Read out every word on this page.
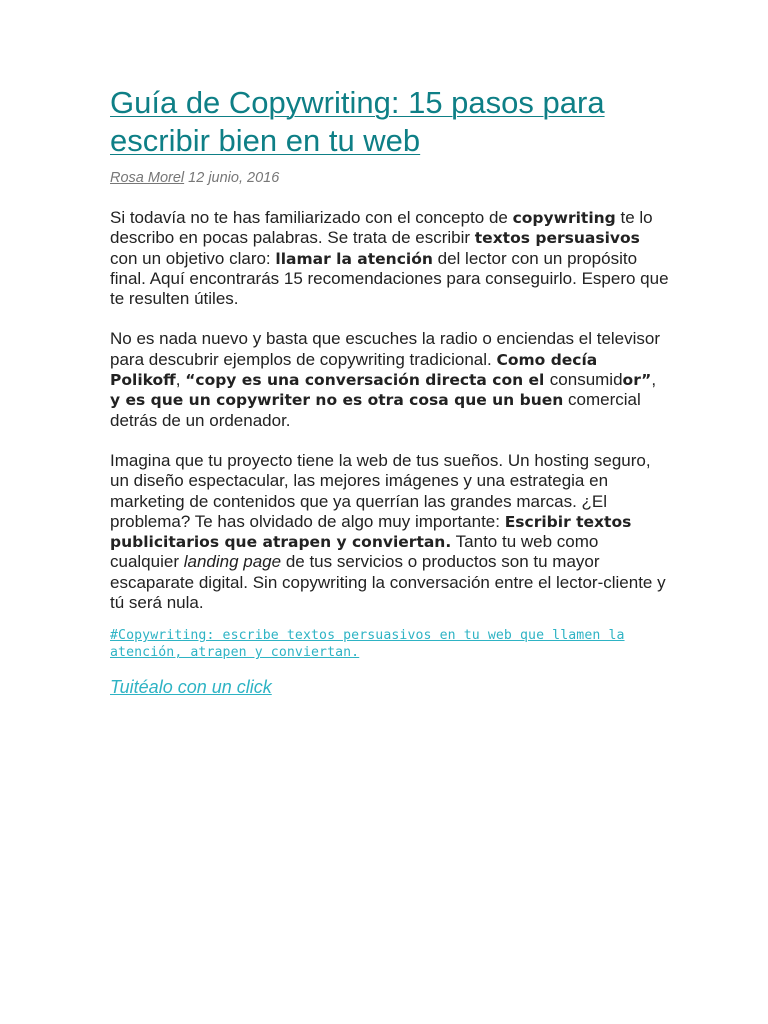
Guía de Copywriting: 15 pasos para escribir bien en tu web
Rosa Morel 12 junio, 2016

Si todavía no te has familiarizado con el concepto de copywriting te lo describo en pocas palabras. Se trata de escribir textos persuasivos con un objetivo claro: llamar la atención del lector con un propósito final. Aquí encontrarás 15 recomendaciones para conseguirlo. Espero que te resulten útiles.

No es nada nuevo y basta que escuches la radio o enciendas el televisor para descubrir ejemplos de copywriting tradicional. Como decía Polikoff, “copy es una conversación directa con el consumidor”, y es que un copywriter no es otra cosa que un buen comercial detrás de un ordenador.

Imagina que tu proyecto tiene la web de tus sueños. Un hosting seguro, un diseño espectacular, las mejores imágenes y una estrategia en marketing de contenidos que ya querrían las grandes marcas. ¿El problema? Te has olvidado de algo muy importante: Escribir textos publicitarios que atrapen y conviertan. Tanto tu web como cualquier landing page de tus servicios o productos son tu mayor escaparate digital. Sin copywriting la conversación entre el lector-cliente y tú será nula.

#Copywriting: escribe textos persuasivos en tu web que llamen la atención, atrapen y conviertan.
Tuitéalo con un click
